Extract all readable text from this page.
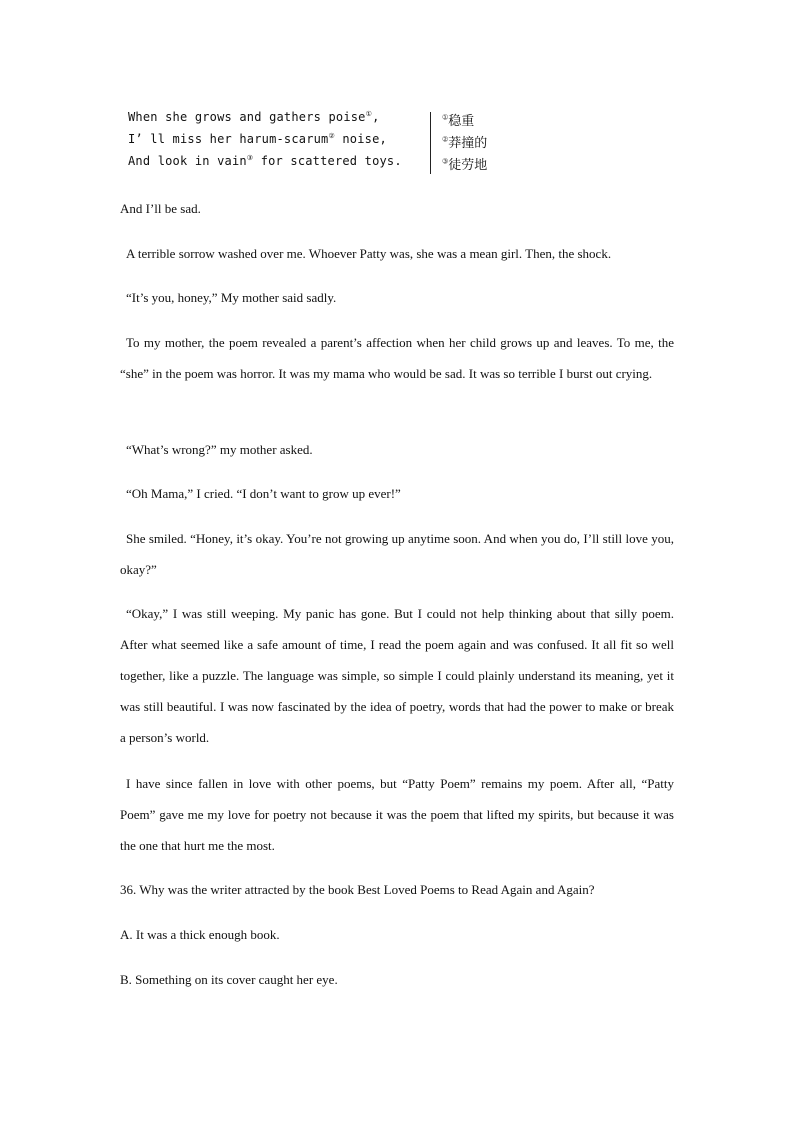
When she grows and gathers poise①,
I’ ll miss her harum-scarum② noise,
And look in vain③ for scattered toys.
①稳重
②莽撞的
③徒劳地
And I’ll be sad.
A terrible sorrow washed over me. Whoever Patty was, she was a mean girl. Then, the shock.
“It’s you, honey,” My mother said sadly.
To my mother, the poem revealed a parent’s affection when her child grows up and leaves. To me, the “she” in the poem was horror. It was my mama who would be sad. It was so terrible I burst out crying.
“What’s wrong?” my mother asked.
“Oh Mama,” I cried. “I don’t want to grow up ever!”
She smiled. “Honey, it’s okay. You’re not growing up anytime soon. And when you do, I’ll still love you, okay?”
“Okay,” I was still weeping. My panic has gone. But I could not help thinking about that silly poem. After what seemed like a safe amount of time, I read the poem again and was confused. It all fit so well together, like a puzzle. The language was simple, so simple I could plainly understand its meaning, yet it was still beautiful. I was now fascinated by the idea of poetry, words that had the power to make or break a person’s world.
I have since fallen in love with other poems, but “Patty Poem” remains my poem. After all, “Patty Poem” gave me my love for poetry not because it was the poem that lifted my spirits, but because it was the one that hurt me the most.
36. Why was the writer attracted by the book Best Loved Poems to Read Again and Again?
A. It was a thick enough book.
B. Something on its cover caught her eye.
